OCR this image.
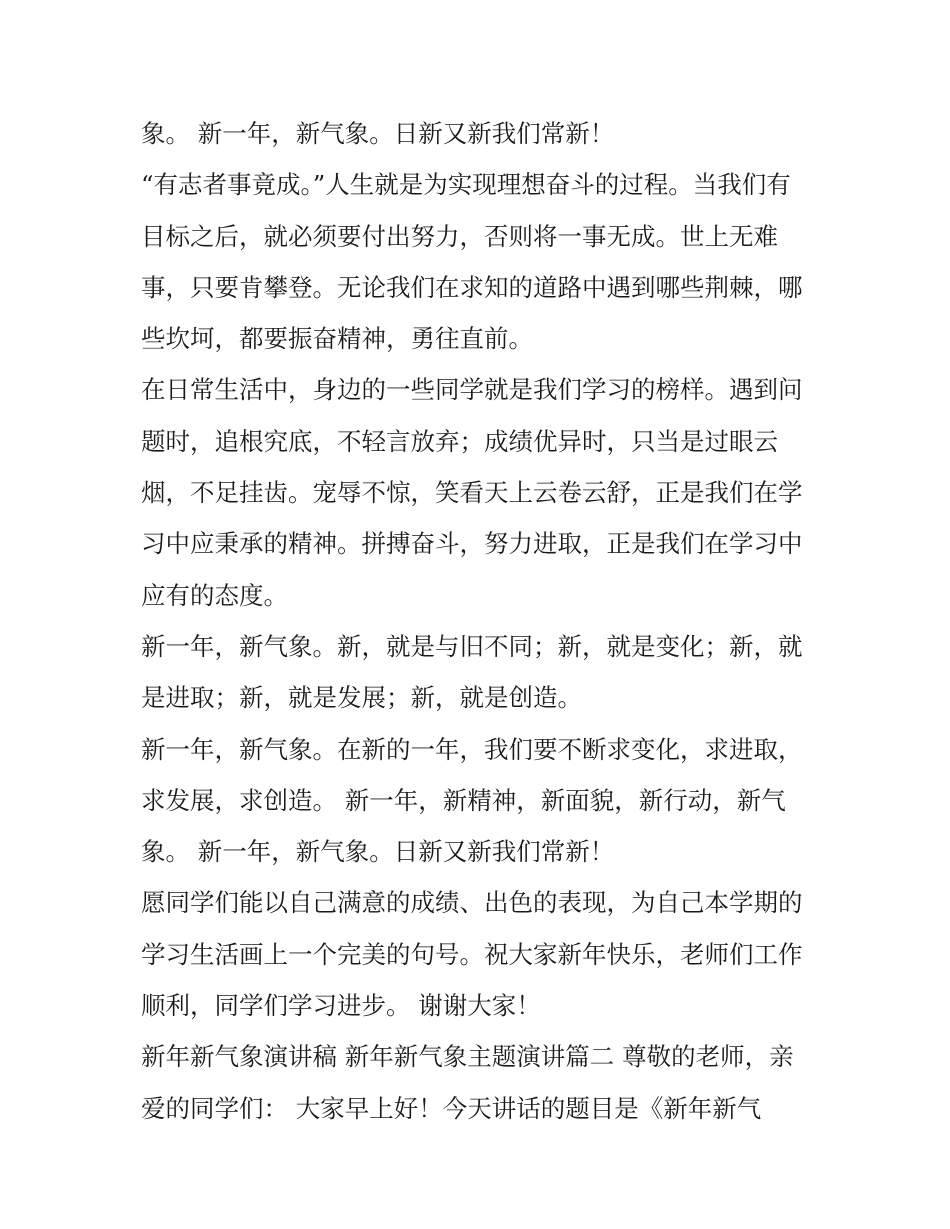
象。 新一年，新气象。日新又新我们常新！
“有志者事竟成。”人生就是为实现理想奋斗的过程。当我们有
目标之后，就必须要付出努力，否则将一事无成。世上无难
事，只要肯攀登。无论我们在求知的道路中遇到哪些荆棘，哪
些坎坷，都要振奋精神，勇往直前。
在日常生活中，身边的一些同学就是我们学习的榜样。遇到问
题时，追根究底，不轻言放弃；成绩优异时，只当是过眼云
烟，不足挂齿。宠辱不惊，笑看天上云卷云舒，正是我们在学
习中应秉承的精神。拼搏奋斗，努力进取，正是我们在学习中
应有的态度。
新一年，新气象。新，就是与旧不同；新，就是变化；新，就
是进取；新，就是发展；新，就是创造。
新一年，新气象。在新的一年，我们要不断求变化，求进取，
求发展，求创造。 新一年，新精神，新面貌，新行动，新气
象。 新一年，新气象。日新又新我们常新！
愿同学们能以自己满意的成绩、出色的表现，为自己本学期的
学习生活画上一个完美的句号。祝大家新年快乐，老师们工作
顺利，同学们学习进步。 谢谢大家！
新年新气象演讲稿 新年新气象主题演讲篇二 尊敬的老师，亲
爱的同学们： 大家早上好！今天讲话的题目是《新年新气
